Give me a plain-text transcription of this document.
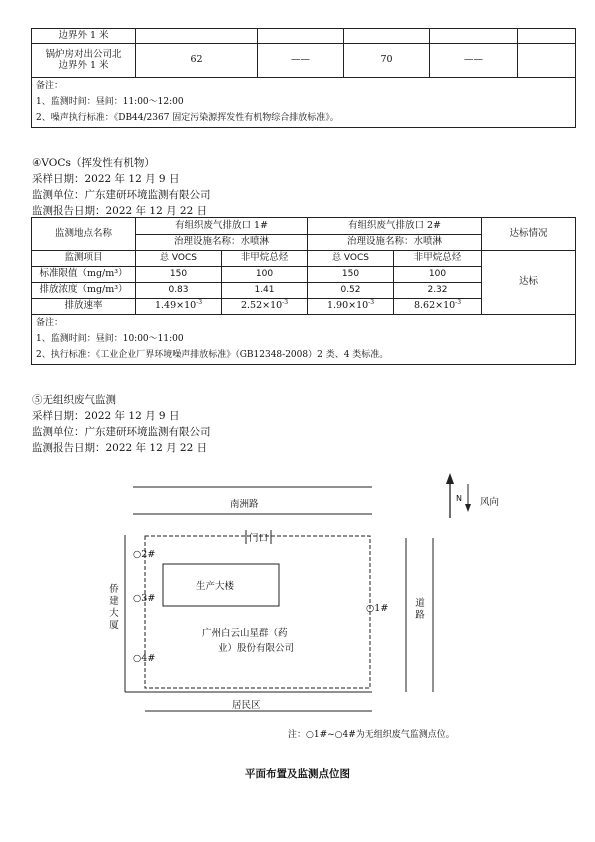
边界外 1 米					

锅炉房对出公司北
边界外 1 米	62	——	70	——	

备注：
1、监测时间：昼间：11:00～12:00
2、噪声执行标准：《DB44/2367 固定污染源挥发性有机物综合排放标准》。					
④VOCs（挥发性有机物）
采样日期：2022 年 12 月 9 日
监测单位：广东建研环境监测有限公司
监测报告日期：2022 年 12 月 22 日
监测地点名称	有组织废气排放口 1#		有组织废气排放口 2#		达标情况
	治理设施名称：水喷淋		治理设施名称：水喷淋		
监测项目	总 VOCS	非甲烷总烃	总 VOCS	非甲烷总烃	达标
标准限值（mg/m³）	150	100	150	100	
排放浓度（mg/m³）	0.83	1.41	0.52	2.32	
排放速率	$1.49\times 10^{-3}$	$2.52\times 10^{-3}$	$1.90\times 10^{-3}$	$8.62\times 10^{-3}$

备注：
1、监测时间：昼间：10:00～11:00
2、执行标准：《工业企业厂界环境噪声排放标准》（GB12348-2008）2 类、4 类标准。					
⑤无组织废气监测
采样日期：2022 年 12 月 9 日
监测单位：广东建研环境监测有限公司
监测报告日期：2022 年 12 月 22 日
南洲路
门口
N 风向
○2#
○3#
○4#
○1#
生产大楼
侨建大厦
道路
广州白云山星群（药
业）股份有限公司
居民区
注：○1#~○4#为无组织废气监测点位。
平面布置及监测点位图
